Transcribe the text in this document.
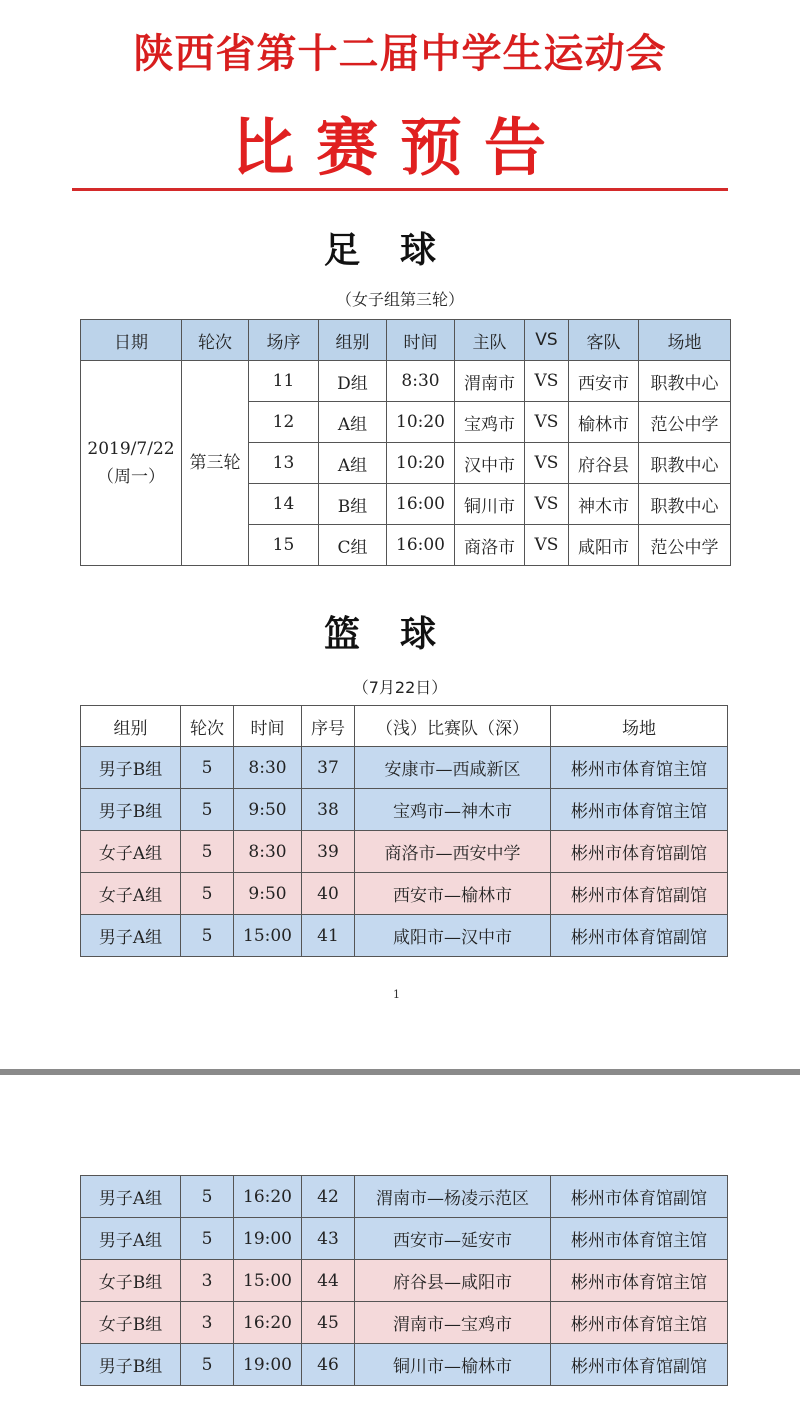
陕西省第十二届中学生运动会
比赛预告
足球
（女子组第三轮）
日期	轮次	场序	组别	时间	主队	VS	客队	场地
2019/7/22
（周一）	第三轮	11	D组	8:30	渭南市	VS	西安市	职教中心
		12	A组	10:20	宝鸡市	VS	榆林市	范公中学
		13	A组	10:20	汉中市	VS	府谷县	职教中心
		14	B组	16:00	铜川市	VS	神木市	职教中心
		15	C组	16:00	商洛市	VS	咸阳市	范公中学
篮球
（7月22日）
组别	轮次	时间	序号	（浅）比赛队（深）	场地
男子B组	5	8:30	37	安康市—西咸新区	彬州市体育馆主馆
男子B组	5	9:50	38	宝鸡市—神木市	彬州市体育馆主馆
女子A组	5	8:30	39	商洛市—西安中学	彬州市体育馆副馆
女子A组	5	9:50	40	西安市—榆林市	彬州市体育馆副馆
男子A组	5	15:00	41	咸阳市—汉中市	彬州市体育馆副馆
1
男子A组	5	16:20	42	渭南市—杨凌示范区	彬州市体育馆副馆
男子A组	5	19:00	43	西安市—延安市	彬州市体育馆主馆
女子B组	3	15:00	44	府谷县—咸阳市	彬州市体育馆主馆
女子B组	3	16:20	45	渭南市—宝鸡市	彬州市体育馆主馆
男子B组	5	19:00	46	铜川市—榆林市	彬州市体育馆副馆
